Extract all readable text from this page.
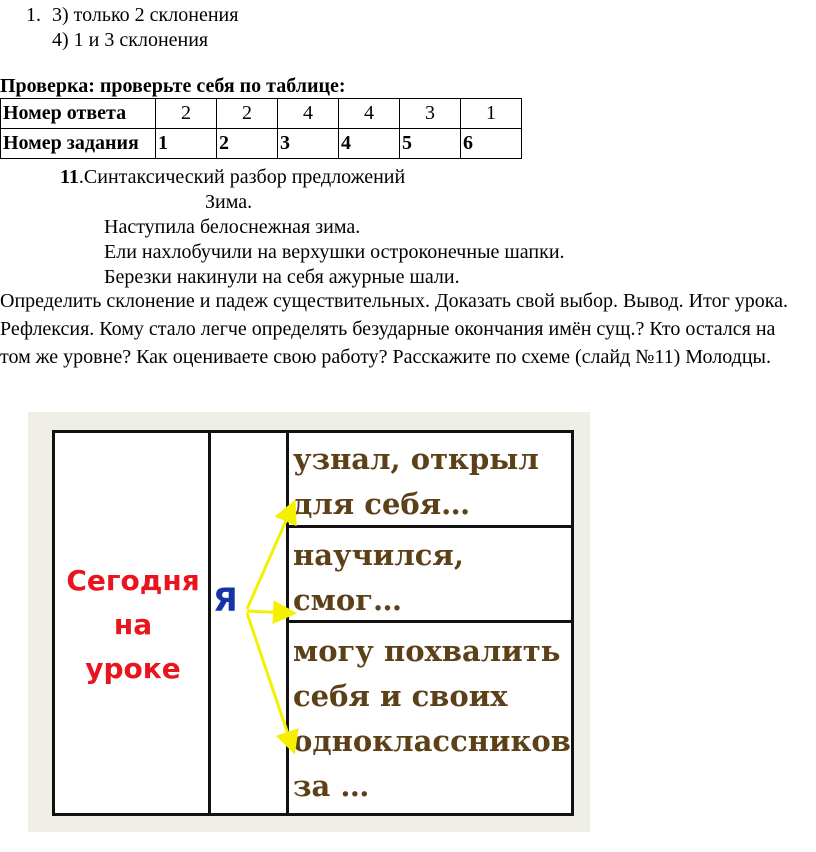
1. 3) только 2 склонения
4) 1 и 3 склонения
Проверка: проверьте себя по таблице:
Номер ответа	2	2	4	4	3	1
Номер задания	1	2	3	4	5	6
11.Синтаксический разбор предложений
Зима.
Наступила белоснежная зима.
Ели нахлобучили на верхушки остроконечные шапки.
Березки накинули на себя ажурные шали.
Определить склонение и падеж существительных. Доказать свой выбор. Вывод. Итог урока. Рефлексия. Кому стало легче определять безударные окончания имён сущ.? Кто остался на том же уровне? Как оцениваете свою работу? Расскажите по схеме (слайд №11) Молодцы.
Сегодня
на
уроке
Я
узнал, открыл
для себя…
научился,
смог…
могу похвалить
себя и своих
одноклассников
за …
